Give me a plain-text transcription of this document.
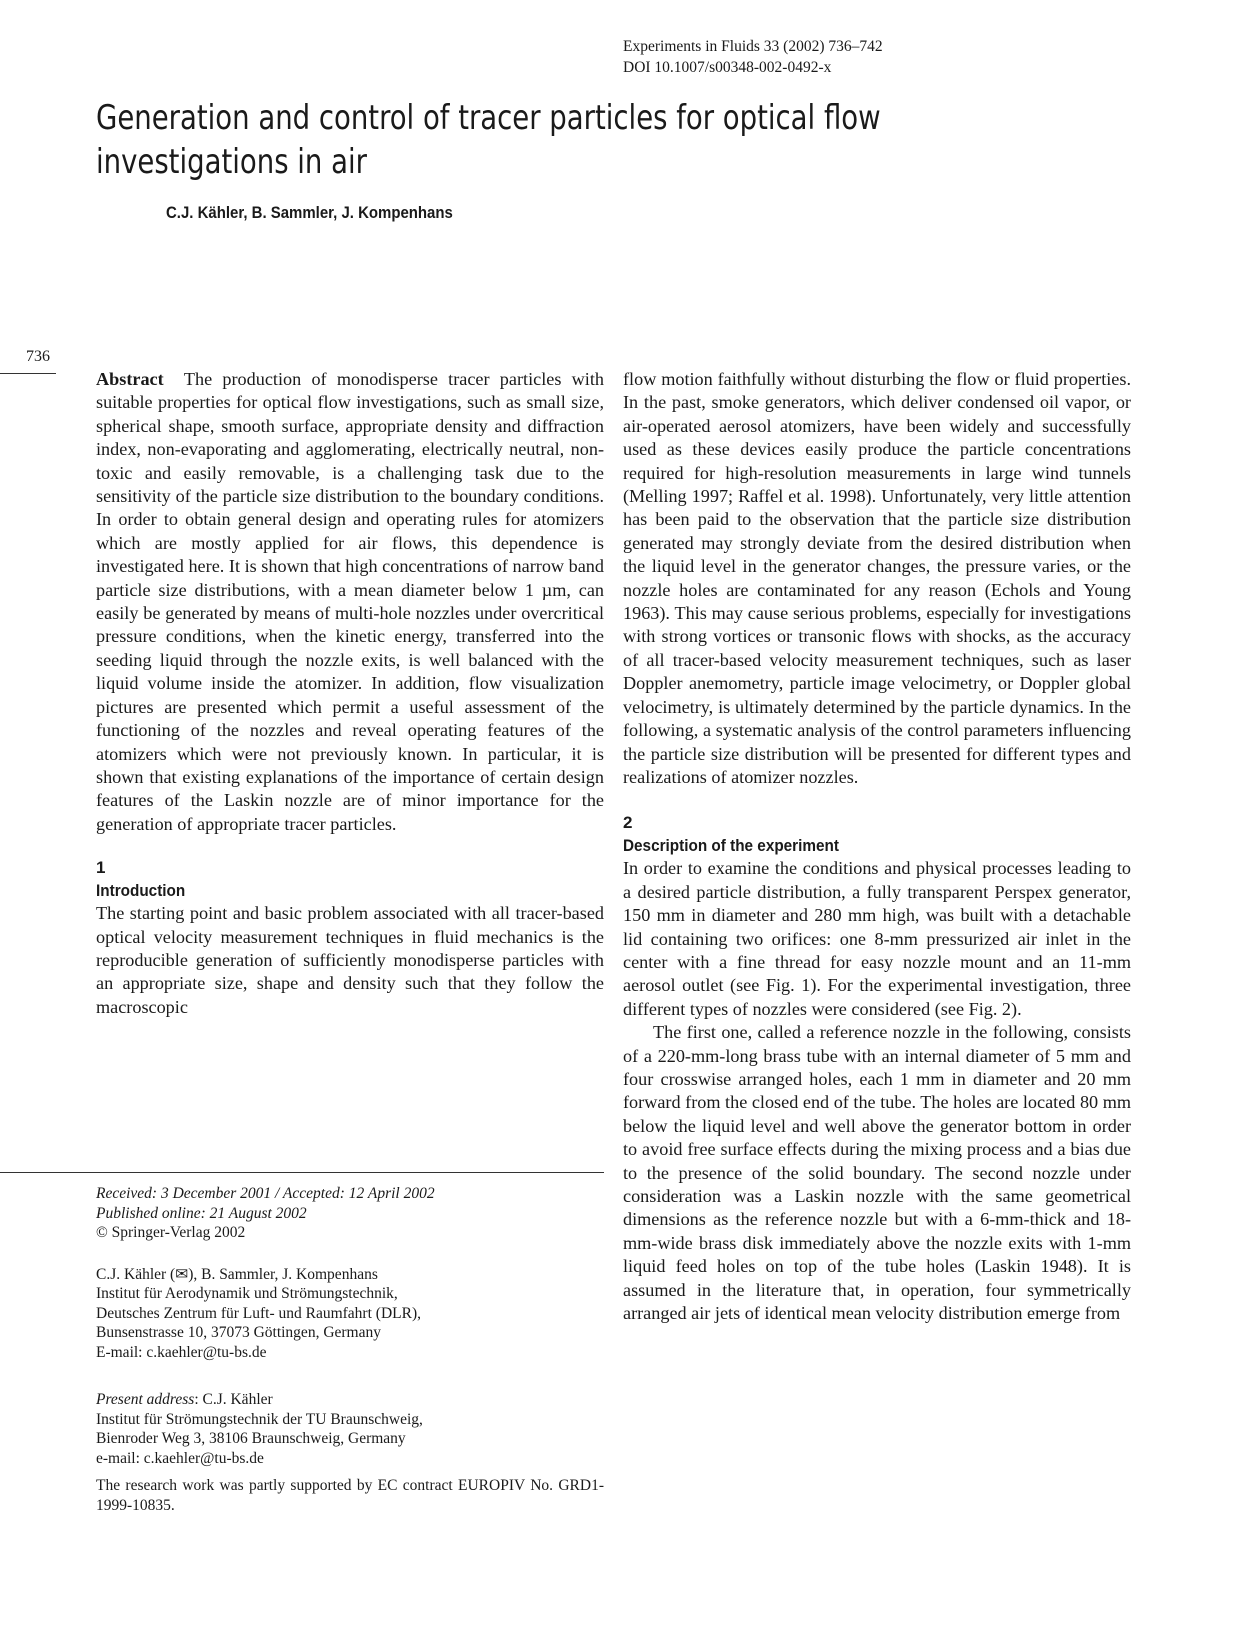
Experiments in Fluids 33 (2002) 736–742
DOI 10.1007/s00348-002-0492-x
Generation and control of tracer particles for optical flow investigations in air
C.J. Kähler, B. Sammler, J. Kompenhans
736

Abstract The production of monodisperse tracer particles with suitable properties for optical flow investigations, such as small size, spherical shape, smooth surface, appropriate density and diffraction index, non-evaporating and agglomerating, electrically neutral, non-toxic and easily removable, is a challenging task due to the sensitivity of the particle size distribution to the boundary conditions. In order to obtain general design and operating rules for atomizers which are mostly applied for air flows, this dependence is investigated here. It is shown that high concentrations of narrow band particle size distributions, with a mean diameter below 1 µm, can easily be generated by means of multi-hole nozzles under overcritical pressure conditions, when the kinetic energy, transferred into the seeding liquid through the nozzle exits, is well balanced with the liquid volume inside the atomizer. In addition, flow visualization pictures are presented which permit a useful assessment of the functioning of the nozzles and reveal operating features of the atomizers which were not previously known. In particular, it is shown that existing explanations of the importance of certain design features of the Laskin nozzle are of minor importance for the generation of appropriate tracer particles.

1
Introduction

The starting point and basic problem associated with all tracer-based optical velocity measurement techniques in fluid mechanics is the reproducible generation of sufficiently monodisperse particles with an appropriate size, shape and density such that they follow the macroscopic

flow motion faithfully without disturbing the flow or fluid properties. In the past, smoke generators, which deliver condensed oil vapor, or air-operated aerosol atomizers, have been widely and successfully used as these devices easily produce the particle concentrations required for high-resolution measurements in large wind tunnels (Melling 1997; Raffel et al. 1998). Unfortunately, very little attention has been paid to the observation that the particle size distribution generated may strongly deviate from the desired distribution when the liquid level in the generator changes, the pressure varies, or the nozzle holes are contaminated for any reason (Echols and Young 1963). This may cause serious problems, especially for investigations with strong vortices or transonic flows with shocks, as the accuracy of all tracer-based velocity measurement techniques, such as laser Doppler anemometry, particle image velocimetry, or Doppler global velocimetry, is ultimately determined by the particle dynamics. In the following, a systematic analysis of the control parameters influencing the particle size distribution will be presented for different types and realizations of atomizer nozzles.

2
Description of the experiment

In order to examine the conditions and physical processes leading to a desired particle distribution, a fully transparent Perspex generator, 150 mm in diameter and 280 mm high, was built with a detachable lid containing two orifices: one 8-mm pressurized air inlet in the center with a fine thread for easy nozzle mount and an 11-mm aerosol outlet (see Fig. 1). For the experimental investigation, three different types of nozzles were considered (see Fig. 2).

The first one, called a reference nozzle in the following, consists of a 220-mm-long brass tube with an internal diameter of 5 mm and four crosswise arranged holes, each 1 mm in diameter and 20 mm forward from the closed end of the tube. The holes are located 80 mm below the liquid level and well above the generator bottom in order to avoid free surface effects during the mixing process and a bias due to the presence of the solid boundary. The second nozzle under consideration was a Laskin nozzle with the same geometrical dimensions as the reference nozzle but with a 6-mm-thick and 18-mm-wide brass disk immediately above the nozzle exits with 1-mm liquid feed holes on top of the tube holes (Laskin 1948). It is assumed in the literature that, in operation, four symmetrically arranged air jets of identical mean velocity distribution emerge from

Received: 3 December 2001 / Accepted: 12 April 2002

Published online: 21 August 2002

© Springer-Verlag 2002

C.J. Kähler (✉), B. Sammler, J. Kompenhans

Institut für Aerodynamik und Strömungstechnik,

Deutsches Zentrum für Luft- und Raumfahrt (DLR),

Bunsenstrasse 10, 37073 Göttingen, Germany

E-mail: c.kaehler@tu-bs.de

Present address: C.J. Kähler

Institut für Strömungstechnik der TU Braunschweig,

Bienroder Weg 3, 38106 Braunschweig, Germany

e-mail: c.kaehler@tu-bs.de

The research work was partly supported by EC contract EUROPIV No. GRD1-1999-10835.
